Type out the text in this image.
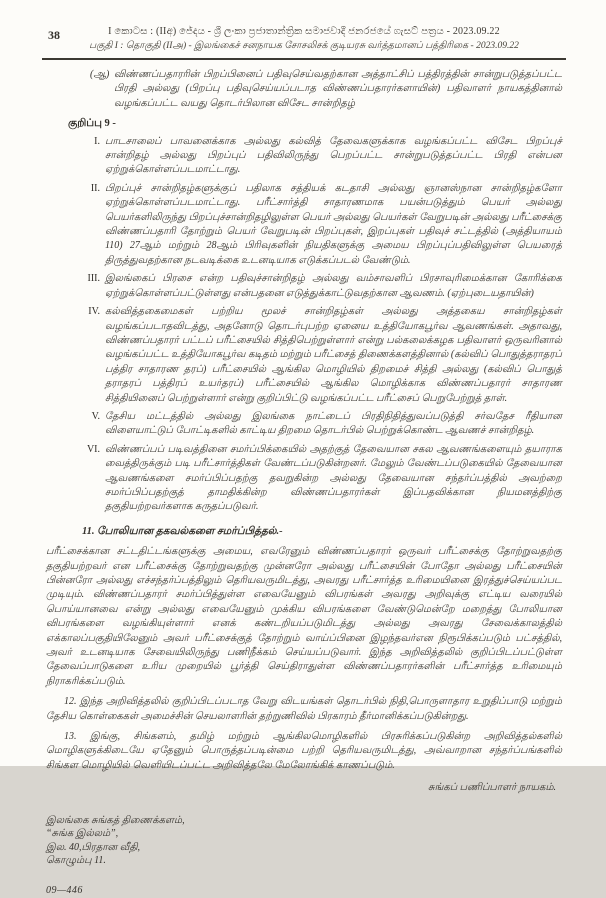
38	I කොටස : (IIඅ) ජේදය - ශ්‍රී ලංකා ප්‍රජාතාන්ත්‍රික සමාජවාදී ජනරජයේ ගැසට් පත්‍රය - 2023.09.22
பகுதி I : தொகுதி (IIஅ) - இலங்கைச் சனநாயக சோசலிசக் குடியரசு வர்த்தமானப் பத்திரிகை - 2023.09.22
(ஆ) விண்ணப்பதாரரின் பிறப்பினைப் பதிவுசெய்வதற்கான அத்தாட்சிப் பத்திரத்தின் சான்றுபடுத்தப்பட்ட பிரதி அல்லது (பிறப்பு பதிவுசெய்யப்படாத விண்ணப்பதாரர்களாயின்) பதிவாளர் நாயகத்தினால் வழங்கப்பட்ட வயது தொடர்பிலான விசேட சான்றிதழ்
குறிப்பு 9 -
I. பாடசாலைப் பாவனைக்காக அல்லது கல்வித் தேவைகளுக்காக வழங்கப்பட்ட விசேட பிறப்புச் சான்றிதழ் அல்லது பிறப்புப் பதிவிலிருந்து பெறப்பட்ட சான்றுபடுத்தப்பட்ட பிரதி என்பன ஏற்றுக்கொள்ளப்படமாட்டாது.
II. பிறப்புச் சான்றிதழ்களுக்குப் பதிலாக சத்தியக் கடதாசி அல்லது ஞானஸ்நான சான்றிதழ்களோ ஏற்றுக்கொள்ளப்படமாட்டாது. பரீட்சார்த்தி சாதாரணமாக பயன்படுத்தும் பெயர் அல்லது பெயர்களிலிருந்து பிறப்புச்சான்றிதழிலுள்ள பெயர் அல்லது பெயர்கள் வேறுபடின் அல்லது பரீட்சைக்கு விண்ணப்பதாரி தோற்றும் பெயர் வேறுபடின் பிறப்புகள், இறப்புகள் பதிவுச் சட்டத்தில் (அத்தியாயம் 110) 27ஆம் மற்றும் 28ஆம் பிரிவுகளின் நியதிகளுக்கு அமைய பிறப்புப்பதிவிலுள்ள பெயரைத் திருத்துவதற்கான நடவடிக்கை உடனடியாக எடுக்கப்படல் வேண்டும்.
III. இலங்கைப் பிரசை என்ற பதிவுச்சான்றிதழ் அல்லது வம்சாவளிப் பிரசாவுரிமைக்கான கோரிக்கை ஏற்றுக்கொள்ளப்பட்டுள்ளது என்பதனை எடுத்துக்காட்டுவதற்கான ஆவணம். (ஏற்புடையதாயின்)
IV. கல்வித்தகைமைகள் பற்றிய மூலச் சான்றிதழ்கள் அல்லது அத்தகைய சான்றிதழ்கள் வழங்கப்படாதவிடத்து, அதனோடு தொடர்புபற்ற ஏனைய உத்தியோகபூர்வ ஆவணங்கள். அதாவது, விண்ணப்பதாரர் பட்டப் பரீட்சையில் சித்திபெற்றுள்ளார் என்று பல்கலைக்கழக பதிவாளர் ஒருவரினால் வழங்கப்பட்ட உத்தியோகபூர்வ கடிதம் மற்றும் பரீட்சைத் திணைக்களத்தினால் (கல்விப் பொதுத்தராதரப் பத்திர சாதாரண தரப்) பரீட்சையில் ஆங்கில மொழியில் திறமைச் சித்தி அல்லது (கல்விப் பொதுத் தராதரப் பத்திரப் உயர்தரப்) பரீட்சையில் ஆங்கில மொழிக்காக விண்ணப்பதாரர் சாதாரண சித்தியினைப் பெற்றுள்ளார் என்று குறிப்பிட்டு வழங்கப்பட்ட பரீட்சைப் பெறுபேற்றுத் தாள்.
V. தேசிய மட்டத்தில் அல்லது இலங்கை நாட்டைப் பிரதிநிதித்துவப்படுத்தி சர்வதேச ரீதியான விளையாட்டுப் போட்டிகளில் காட்டிய திறமை தொடர்பில் பெற்றுக்கொண்ட ஆவணச் சான்றிதழ்.
VI. விண்ணப்பப் படிவத்தினை சமர்ப்பிக்கையில் அதற்குத் தேவையான சகல ஆவணங்களையும் தயாராக வைத்திருக்கும் படி பரீட்சார்த்திகள் வேண்டப்படுகின்றனர். மேலும் வேண்டப்படுகையில் தேவையான ஆவணங்களை சமர்ப்பிப்பதற்கு தவறுகின்ற அல்லது தேவையான சந்தர்ப்பத்தில் அவற்றை சமர்ப்பிப்பதற்குத் தாமதிக்கின்ற விண்ணப்பதாரர்கள் இப்பதவிக்கான நியமனத்திற்கு தகுதியற்றவர்களாக கருதப்படுவர்.
11. போலியான தகவல்களை சமர்ப்பித்தல்.-

பரீட்சைக்கான சட்டதிட்டங்களுக்கு அமைய, எவரேனும் விண்ணப்பதாரர் ஒருவர் பரீட்சைக்கு தோற்றுவதற்கு தகுதியற்றவர் என பரீட்சைக்கு தோற்றுவதற்கு முன்னரோ அல்லது பரீட்சையின் போதோ அல்லது பரீட்சையின் பின்னரோ அல்லது எச்சந்தர்ப்பத்திலும் தெரியவருமிடத்து, அவரது பரீட்சார்த்த உரிமையினை இரத்துச்செய்யப்பட முடியும். விண்ணப்பதாரர் சமர்ப்பித்துள்ள எவையேனும் விபரங்கள் அவரது அறிவுக்கு எட்டிய வரையில் பொய்யானவை என்று அல்லது எவையேனும் முக்கிய விபரங்களை வேண்டுமென்றே மறைத்து போலியான விபரங்களை வழங்கியுள்ளார் எனக் கண்டறியப்படுமிடத்து அல்லது அவரது சேவைக்காலத்தில் எக்காலப்பகுதியிலேனும் அவர் பரீட்சைக்குத் தோற்றும் வாய்ப்பினை இழந்தவர்என நிரூபிக்கப்படும் பட்சத்தில், அவர் உடனடியாக சேவையிலிருந்து பணிநீக்கம் செய்யப்படுவார். இந்த அறிவித்தலில் குறிப்பிடப்பட்டுள்ள தேவைப்பாடுகளை உரிய முறையில் பூர்த்தி செய்திராதுள்ள விண்ணப்பதாரர்களின் பரீட்சார்த்த உரிமையும் நிராகரிக்கப்படும்.

12. இந்த அறிவித்தலில் குறிப்பிடப்படாத வேறு விடயங்கள் தொடர்பில் நிதி,பொருளாதார உறுதிப்பாடு மற்றும் தேசிய கொள்கைகள் அமைச்சின் செயலாளரின் தற்றுணிவில் பிரகாரம் தீர்மானிக்கப்படுகின்றது.

13. இங்கு, சிங்களம், தமிழ் மற்றும் ஆங்கிலமொழிகளில் பிரசுரிக்கப்படுகின்ற அறிவித்தல்களில் மொழிகளுக்கிடையே ஏதேனும் பொருத்தப்படின்மை பற்றி தெரியவருமிடத்து, அவ்வாறான சந்தர்ப்பங்களில் சிங்கள மொழியில் வெளியிடப்பட்ட அறிவித்தலே மேலோங்கிக் காணப்படும்.

சுங்கப் பணிப்பாளர் நாயகம்.
இலங்கை சுங்கத் திணைக்களம்,
“சுங்க இல்லம்”,
இல. 40,பிரதான வீதி,
கொழும்பு 11.
09—446
